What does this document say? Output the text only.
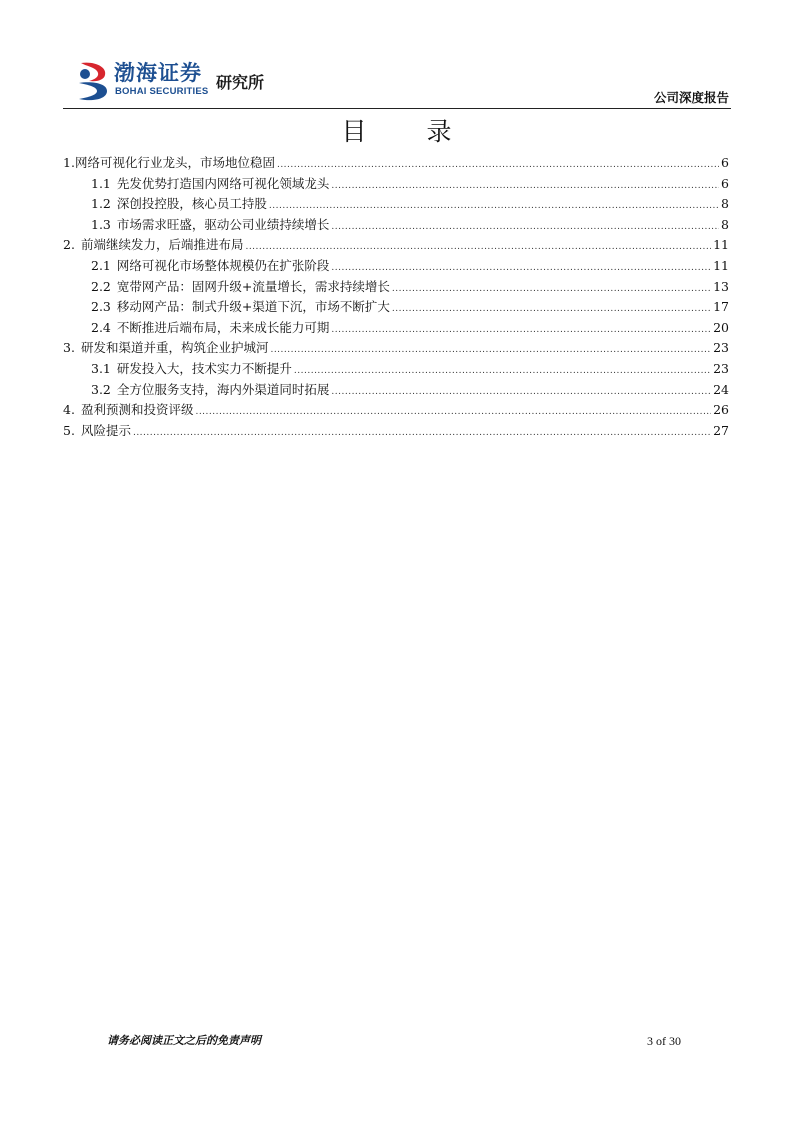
渤海证券
BOHAI SECURITIES 研究所
公司深度报告
目 录
1. 网络可视化行业龙头，市场地位稳固 .....	6
1.1 先发优势打造国内网络可视化领域龙头 .....	6
1.2 深创投控股，核心员工持股 .....	8
1.3 市场需求旺盛，驱动公司业绩持续增长 .....	8
2. 前端继续发力，后端推进布局 .....	11
2.1 网络可视化市场整体规模仍在扩张阶段 .....	11
2.2 宽带网产品：固网升级+流量增长，需求持续增长 .....	13
2.3 移动网产品：制式升级+渠道下沉，市场不断扩大 .....	17
2.4 不断推进后端布局，未来成长能力可期 .....	20
3. 研发和渠道并重，构筑企业护城河 .....	23
3.1 研发投入大，技术实力不断提升 .....	23
3.2 全方位服务支持，海内外渠道同时拓展 .....	24
4. 盈利预测和投资评级 .....	26
5. 风险提示 .....	27
请务必阅读正文之后的免责声明	3 of 30
